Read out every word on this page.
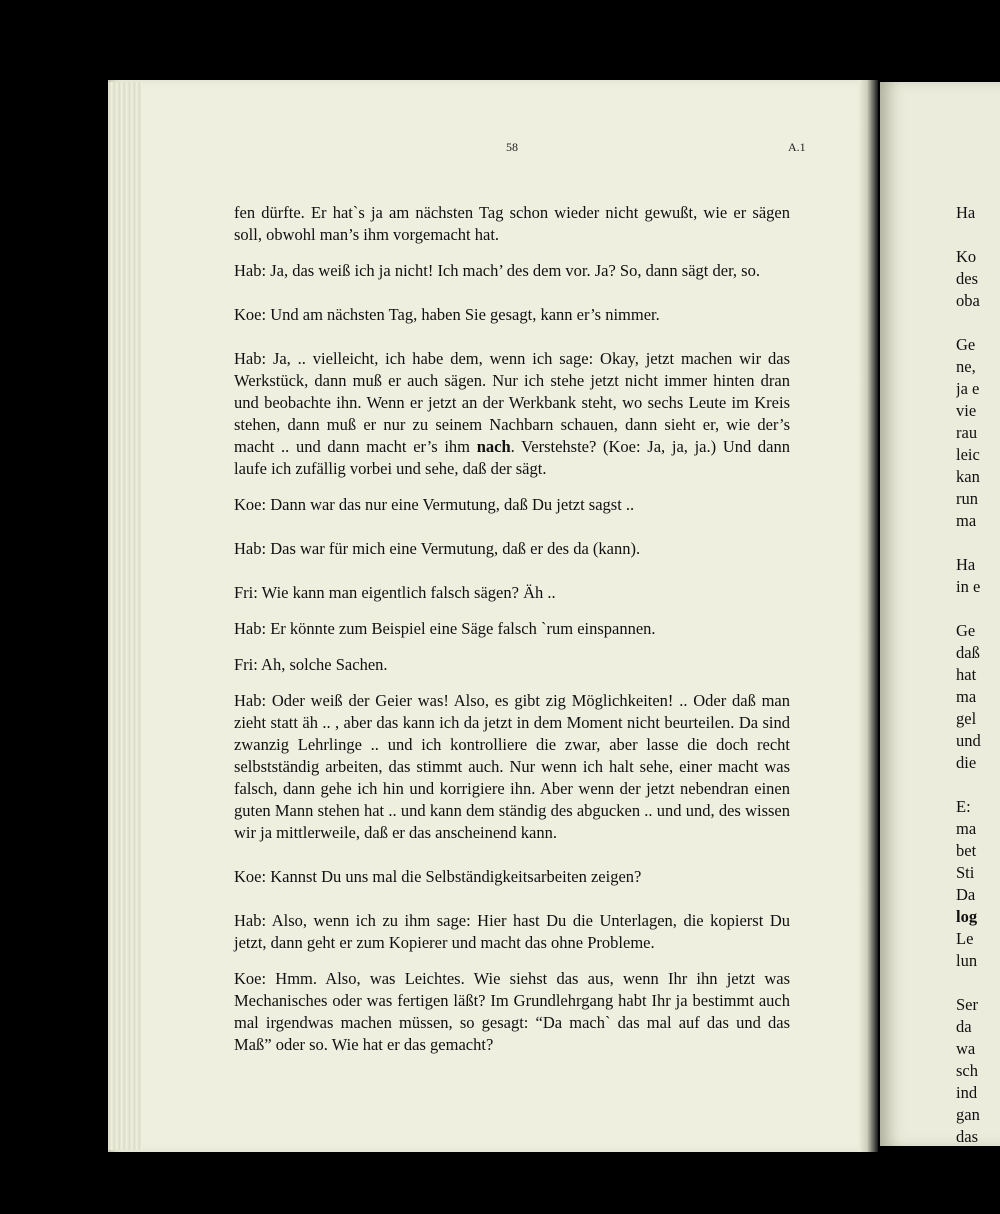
58	A.1

fen dürfte. Er hat`s ja am nächsten Tag schon wieder nicht gewußt, wie er sägen soll, obwohl man’s ihm vorgemacht hat.

Hab: Ja, das weiß ich ja nicht! Ich mach’ des dem vor. Ja? So, dann sägt der, so.

Koe: Und am nächsten Tag, haben Sie gesagt, kann er’s nimmer.

Hab: Ja, .. vielleicht, ich habe dem, wenn ich sage: Okay, jetzt machen wir das Werkstück, dann muß er auch sägen. Nur ich stehe jetzt nicht immer hinten dran und beobachte ihn. Wenn er jetzt an der Werkbank steht, wo sechs Leute im Kreis stehen, dann muß er nur zu seinem Nachbarn schauen, dann sieht er, wie der’s macht .. und dann macht er’s ihm nach. Verstehste? (Koe: Ja, ja, ja.) Und dann laufe ich zufällig vorbei und sehe, daß der sägt.

Koe: Dann war das nur eine Vermutung, daß Du jetzt sagst ..

Hab: Das war für mich eine Vermutung, daß er des da (kann).

Fri: Wie kann man eigentlich falsch sägen? Äh ..

Hab: Er könnte zum Beispiel eine Säge falsch `rum einspannen.

Fri: Ah, solche Sachen.

Hab: Oder weiß der Geier was! Also, es gibt zig Möglichkeiten! .. Oder daß man zieht statt äh .. , aber das kann ich da jetzt in dem Moment nicht beurteilen. Da sind zwanzig Lehrlinge .. und ich kontrolliere die zwar, aber lasse die doch recht selbstständig arbeiten, das stimmt auch. Nur wenn ich halt sehe, einer macht was falsch, dann gehe ich hin und korrigiere ihn. Aber wenn der jetzt nebendran einen guten Mann stehen hat .. und kann dem ständig des abgucken .. und und, des wissen wir ja mittlerweile, daß er das anscheinend kann.

Koe: Kannst Du uns mal die Selbständigkeitsarbeiten zeigen?

Hab: Also, wenn ich zu ihm sage: Hier hast Du die Unterlagen, die kopierst Du jetzt, dann geht er zum Kopierer und macht das ohne Probleme.

Koe: Hmm. Also, was Leichtes. Wie siehst das aus, wenn Ihr ihn jetzt was Mechanisches oder was fertigen läßt? Im Grundlehrgang habt Ihr ja bestimmt auch mal irgendwas machen müssen, so gesagt: “Da mach` das mal auf das und das Maß” oder so. Wie hat er das gemacht?

Ha
Ko
des
oba
Ge
ne,
ja e
vie
rau
leic
kan
run
ma
Ha
in e
Ge
daß
hat
ma
gel
und
die
E:
ma
bet
Sti
Da
log
Le
lun
Ser
da
wa
sch
ind
gan
das
